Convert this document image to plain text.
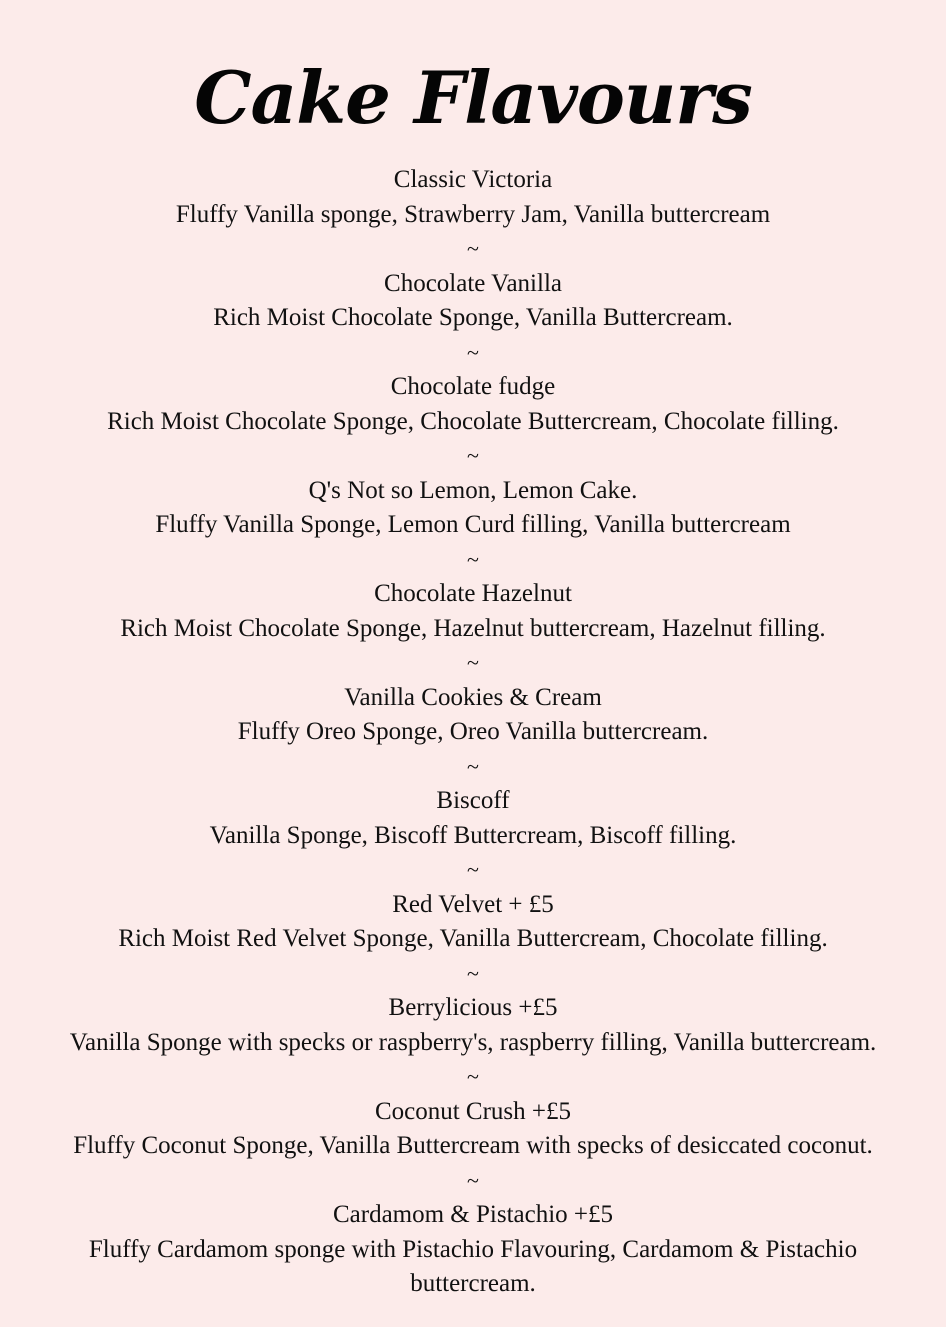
Cake Flavours
Classic Victoria
Fluffy Vanilla sponge, Strawberry Jam, Vanilla buttercream
~
Chocolate Vanilla
Rich Moist Chocolate Sponge, Vanilla Buttercream.
~
Chocolate fudge
Rich Moist Chocolate Sponge, Chocolate Buttercream, Chocolate filling.
~
Q's Not so Lemon, Lemon Cake.
Fluffy Vanilla Sponge, Lemon Curd filling, Vanilla buttercream
~
Chocolate Hazelnut
Rich Moist Chocolate Sponge, Hazelnut buttercream, Hazelnut filling.
~
Vanilla Cookies & Cream
Fluffy Oreo Sponge, Oreo Vanilla buttercream.
~
Biscoff
Vanilla Sponge, Biscoff Buttercream, Biscoff filling.
~
Red Velvet + £5
Rich Moist Red Velvet Sponge, Vanilla Buttercream, Chocolate filling.
~
Berrylicious +£5
Vanilla Sponge with specks or raspberry's, raspberry filling, Vanilla buttercream.
~
Coconut Crush +£5
Fluffy Coconut Sponge, Vanilla Buttercream with specks of desiccated coconut.
~
Cardamom & Pistachio +£5
Fluffy Cardamom sponge with Pistachio Flavouring, Cardamom & Pistachio buttercream.
